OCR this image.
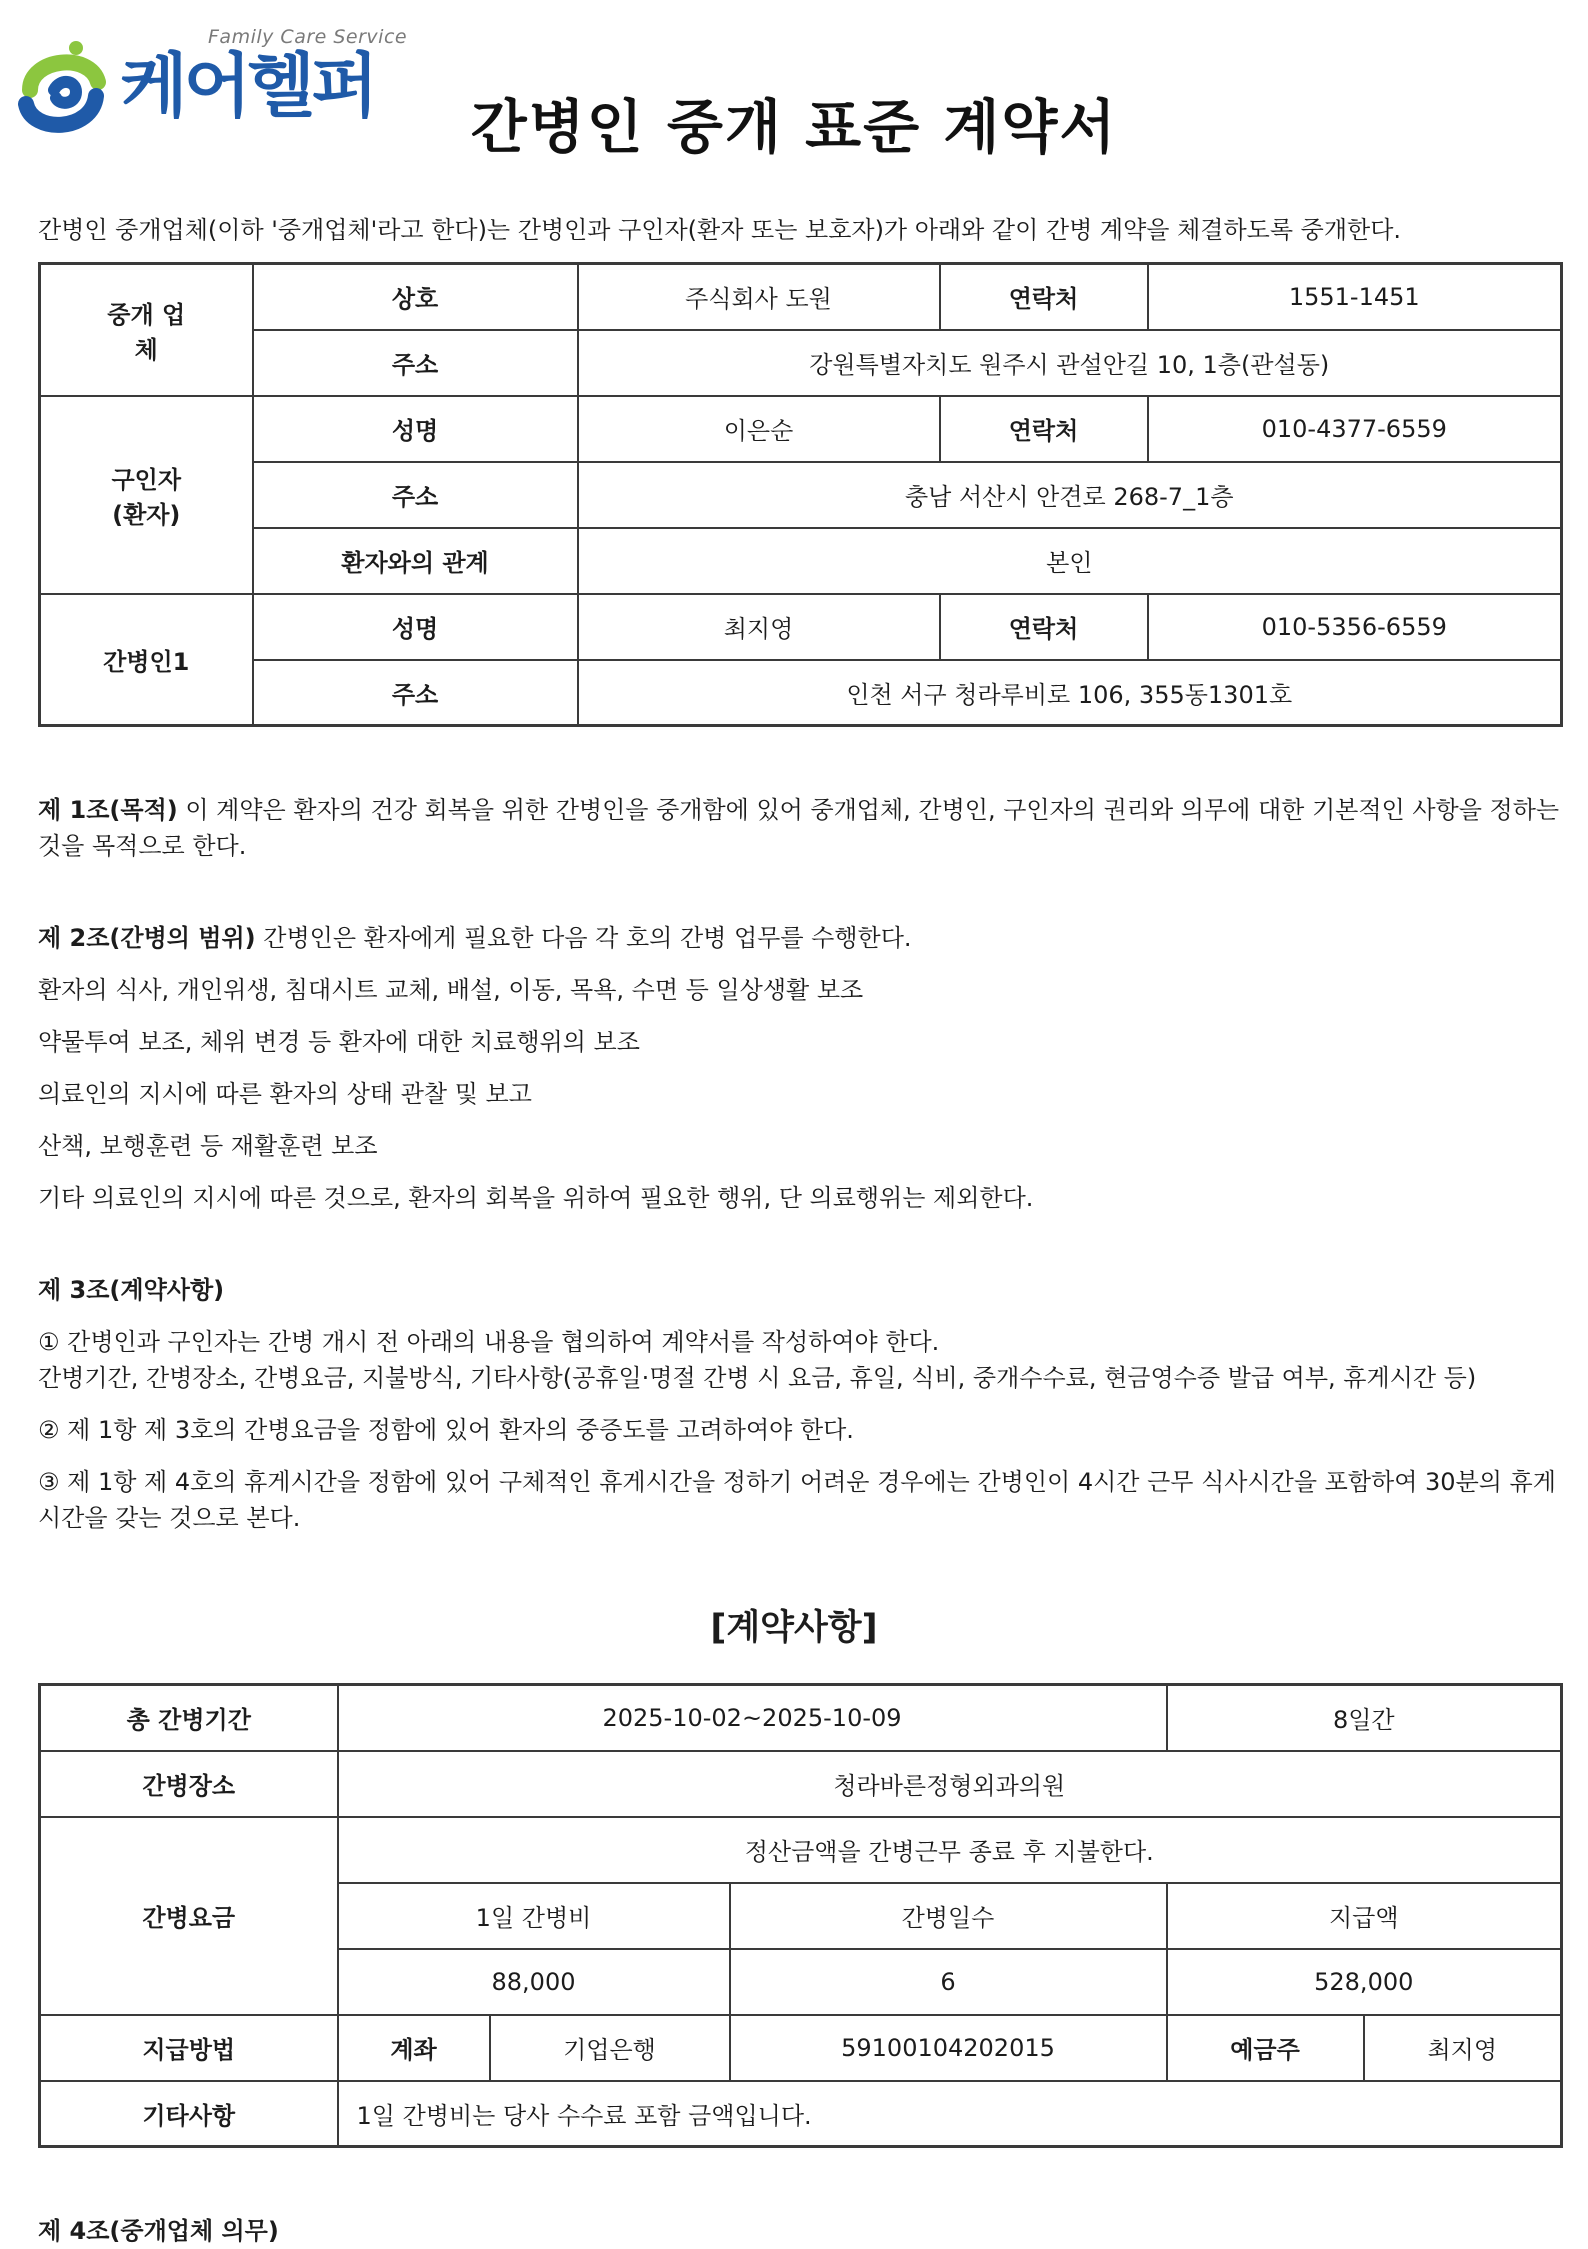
Family Care Service
케어헬퍼	간병인 중개 표준 계약서
간병인 중개업체(이하 '중개업체'라고 한다)는 간병인과 구인자(환자 또는 보호자)가 아래와 같이 간병 계약을 체결하도록 중개한다.
중개 업체	상호	주식회사 도원	연락처	1551-1451
	주소	강원특별자치도 원주시 관설안길 10, 1층(관설동)		

구인자
(환자)	성명	이은순	연락처	010-4377-6559
	주소	충남 서산시 안견로 268-7_1층		
	환자와의 관계	본인		
간병인1	성명	최지영	연락처	010-5356-6559
	주소	인천 서구 청라루비로 106, 355동1301호		
제 1조(목적) 이 계약은 환자의 건강 회복을 위한 간병인을 중개함에 있어 중개업체, 간병인, 구인자의 권리와 의무에 대한 기본적인 사항을 정하는 것을 목적으로 한다.
제 2조(간병의 범위) 간병인은 환자에게 필요한 다음 각 호의 간병 업무를 수행한다.
환자의 식사, 개인위생, 침대시트 교체, 배설, 이동, 목욕, 수면 등 일상생활 보조
약물투여 보조, 체위 변경 등 환자에 대한 치료행위의 보조
의료인의 지시에 따른 환자의 상태 관찰 및 보고
산책, 보행훈련 등 재활훈련 보조
기타 의료인의 지시에 따른 것으로, 환자의 회복을 위하여 필요한 행위, 단 의료행위는 제외한다.
제 3조(계약사항)
① 간병인과 구인자는 간병 개시 전 아래의 내용을 협의하여 계약서를 작성하여야 한다.
간병기간, 간병장소, 간병요금, 지불방식, 기타사항(공휴일·명절 간병 시 요금, 휴일, 식비, 중개수수료, 현금영수증 발급 여부, 휴게시간 등)
② 제 1항 제 3호의 간병요금을 정함에 있어 환자의 중증도를 고려하여야 한다.
③ 제 1항 제 4호의 휴게시간을 정함에 있어 구체적인 휴게시간을 정하기 어려운 경우에는 간병인이 4시간 근무 식사시간을 포함하여 30분의 휴게시간을 갖는 것으로 본다.
[계약사항]
총 간병기간	2025-10-02~2025-10-09			8일간	
간병장소	청라바른정형외과의원				
간병요금	정산금액을 간병근무 종료 후 지불한다.				
	1일 간병비		간병일수	지급액	
	88,000		6	528,000	
지급방법	계좌	기업은행	59100104202015	예금주	최지영
기타사항	1일 간병비는 당사 수수료 포함 금액입니다.				
제 4조(중개업체 의무)
